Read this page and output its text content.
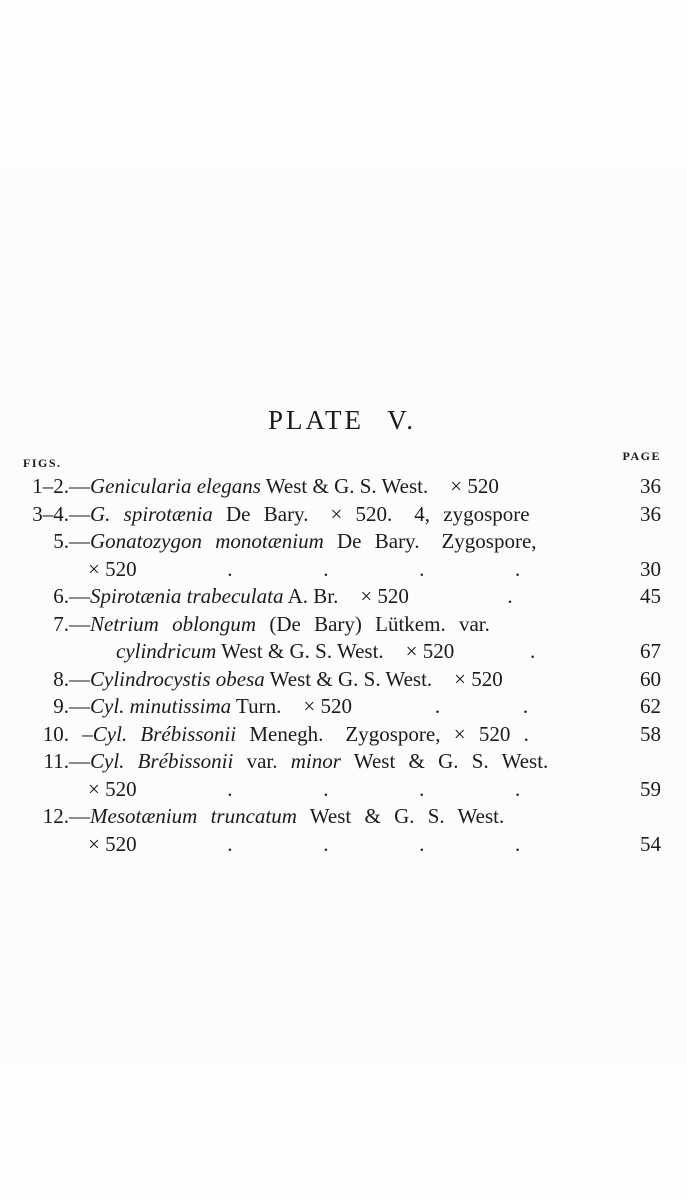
PLATE V.
FIGS.	PAGE
1–2. —Genicularia elegans West & G. S. West. × 520	36
3–4. —G. spirotænia De Bary. × 520. 4, zygospore	36
5. —Gonatozygon monotænium De Bary. Zygospore,
× 520	.	.	.	.	30
6. —Spirotænia trabeculata A. Br. × 520	.	45
7. —Netrium oblongum (De Bary) Lütkem. var.
cylindricum West & G. S. West. × 520	.	67
8. —Cylindrocystis obesa West & G. S. West. × 520	60
9. —Cyl. minutissima Turn. × 520	.	.	62
10. –Cyl. Brébissonii Menegh. Zygospore, × 520 .	58
11. —Cyl. Brébissonii var. minor West & G. S. West.
× 520	.	.	.	.	59
12. —Mesotænium truncatum West & G. S. West.
× 520	.	.	.	.	54
